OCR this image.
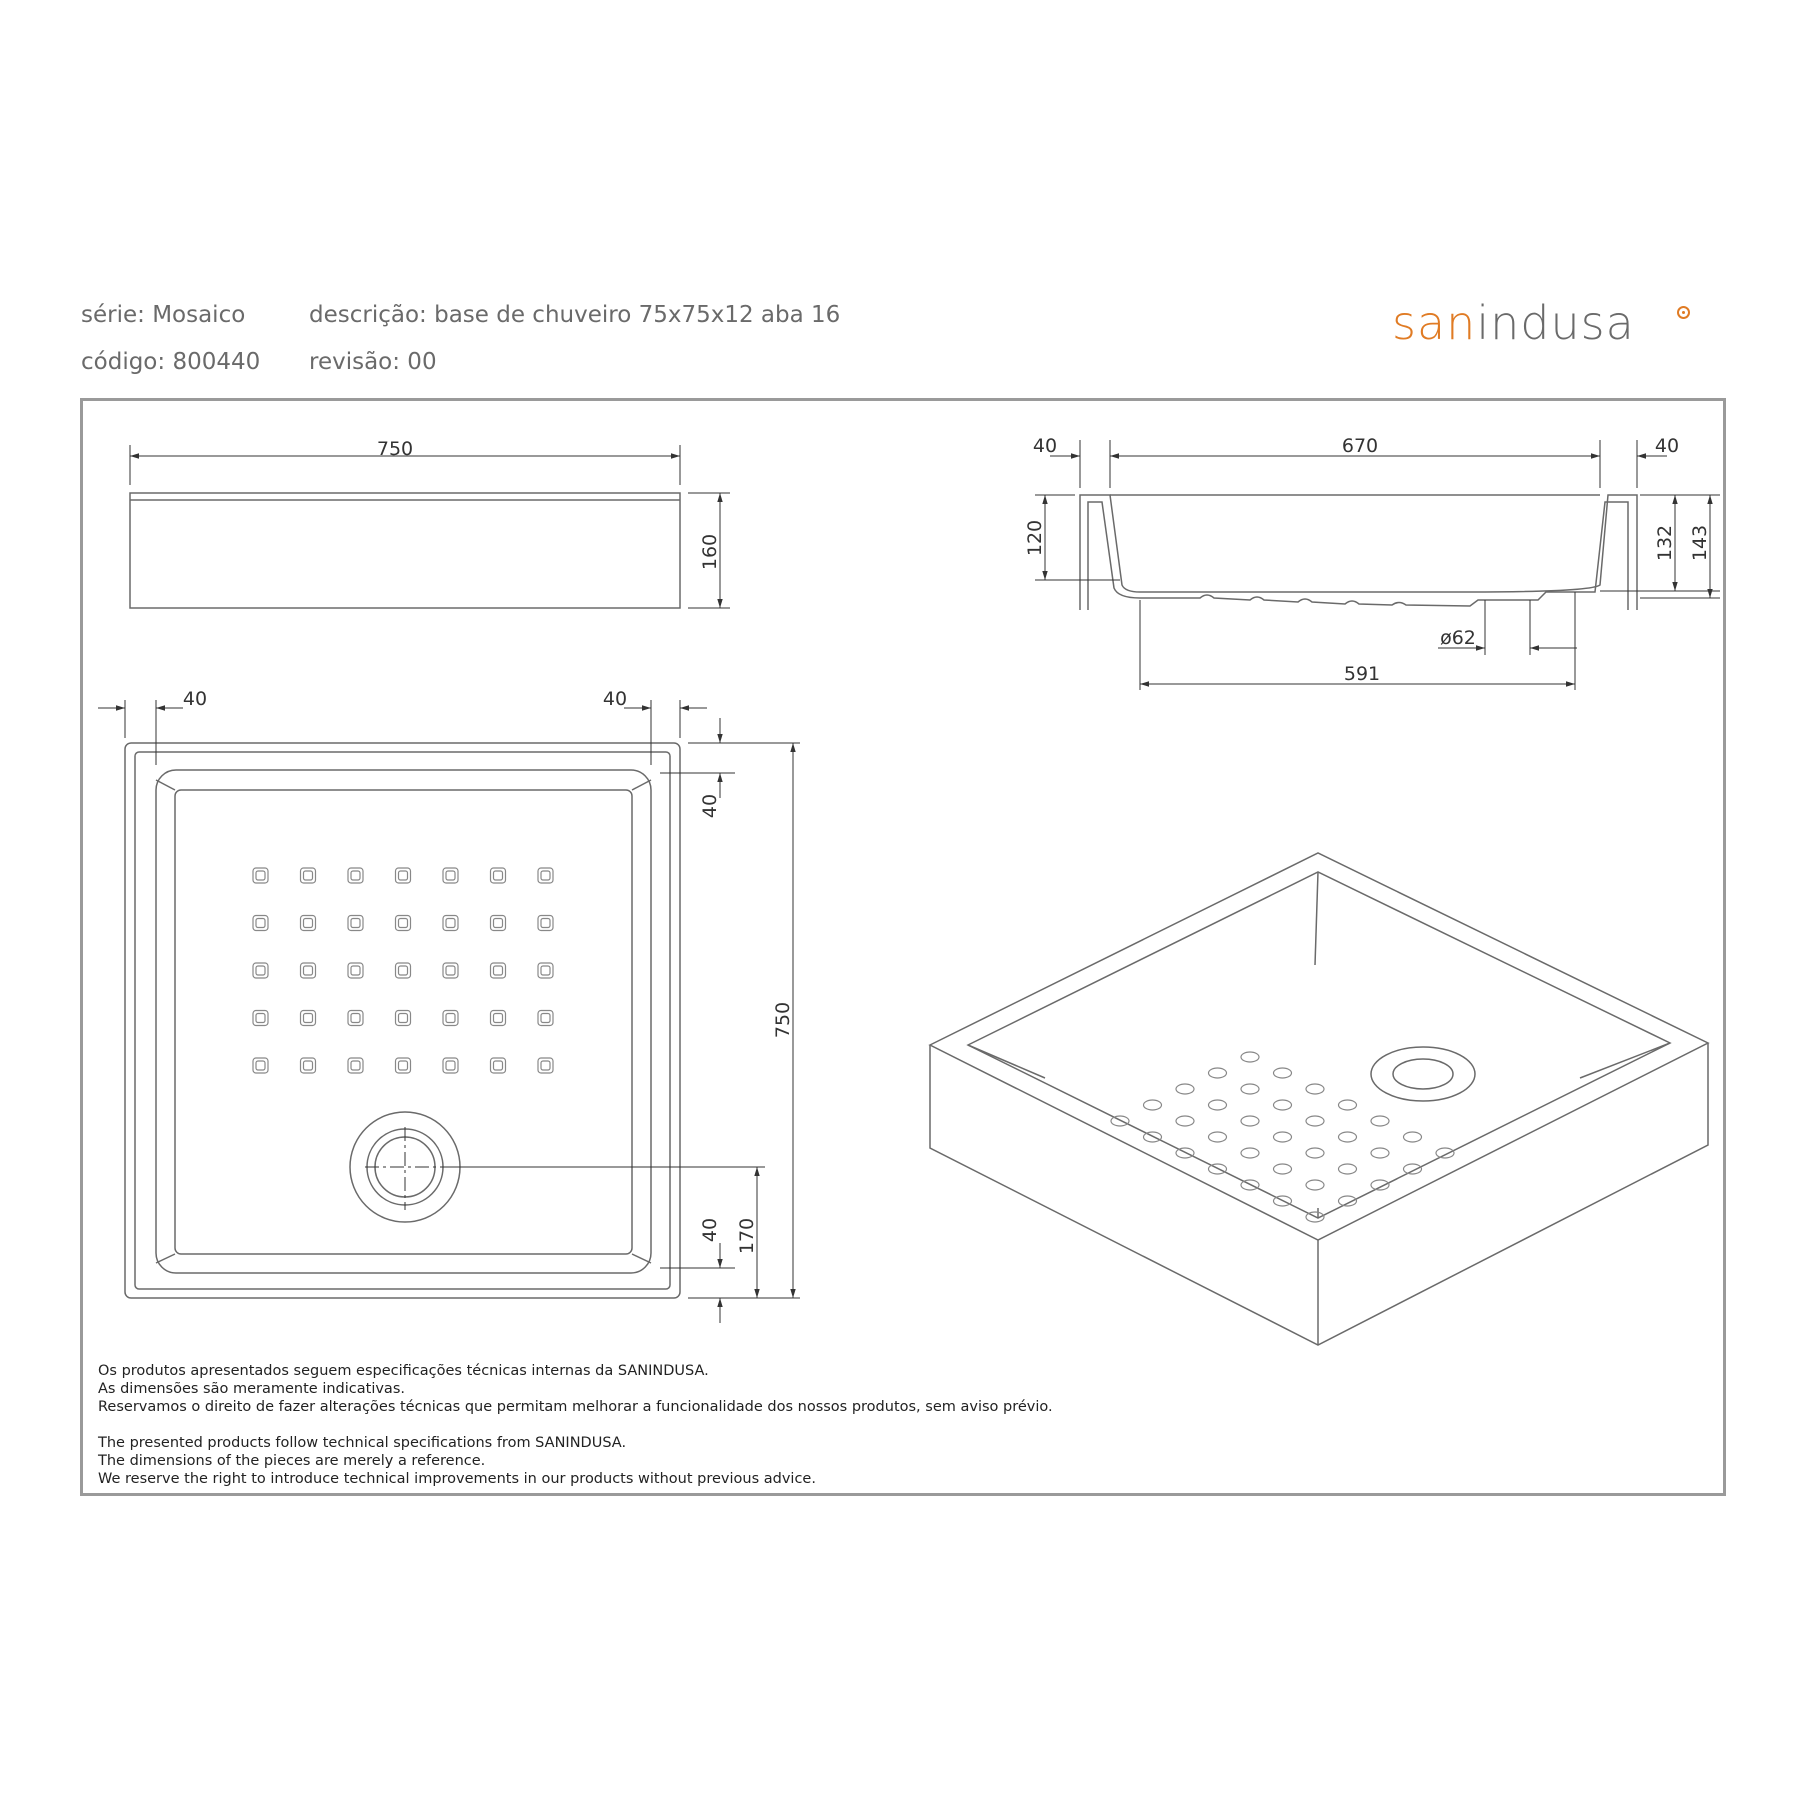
série: Mosaico
código: 800440
descrição: base de chuveiro 75x75x12 aba 16
revisão: 00
sanindusa
750
160
40	670	40
120	132 143
ø62
591
40	40
40
750
40 170
Os produtos apresentados seguem especificações técnicas internas da SANINDUSA.
As dimensões são meramente indicativas.
Reservamos o direito de fazer alterações técnicas que permitam melhorar a funcionalidade dos nossos produtos, sem aviso prévio.
The presented products follow technical specifications from SANINDUSA.
The dimensions of the pieces are merely a reference.
We reserve the right to introduce technical improvements in our products without previous advice.
